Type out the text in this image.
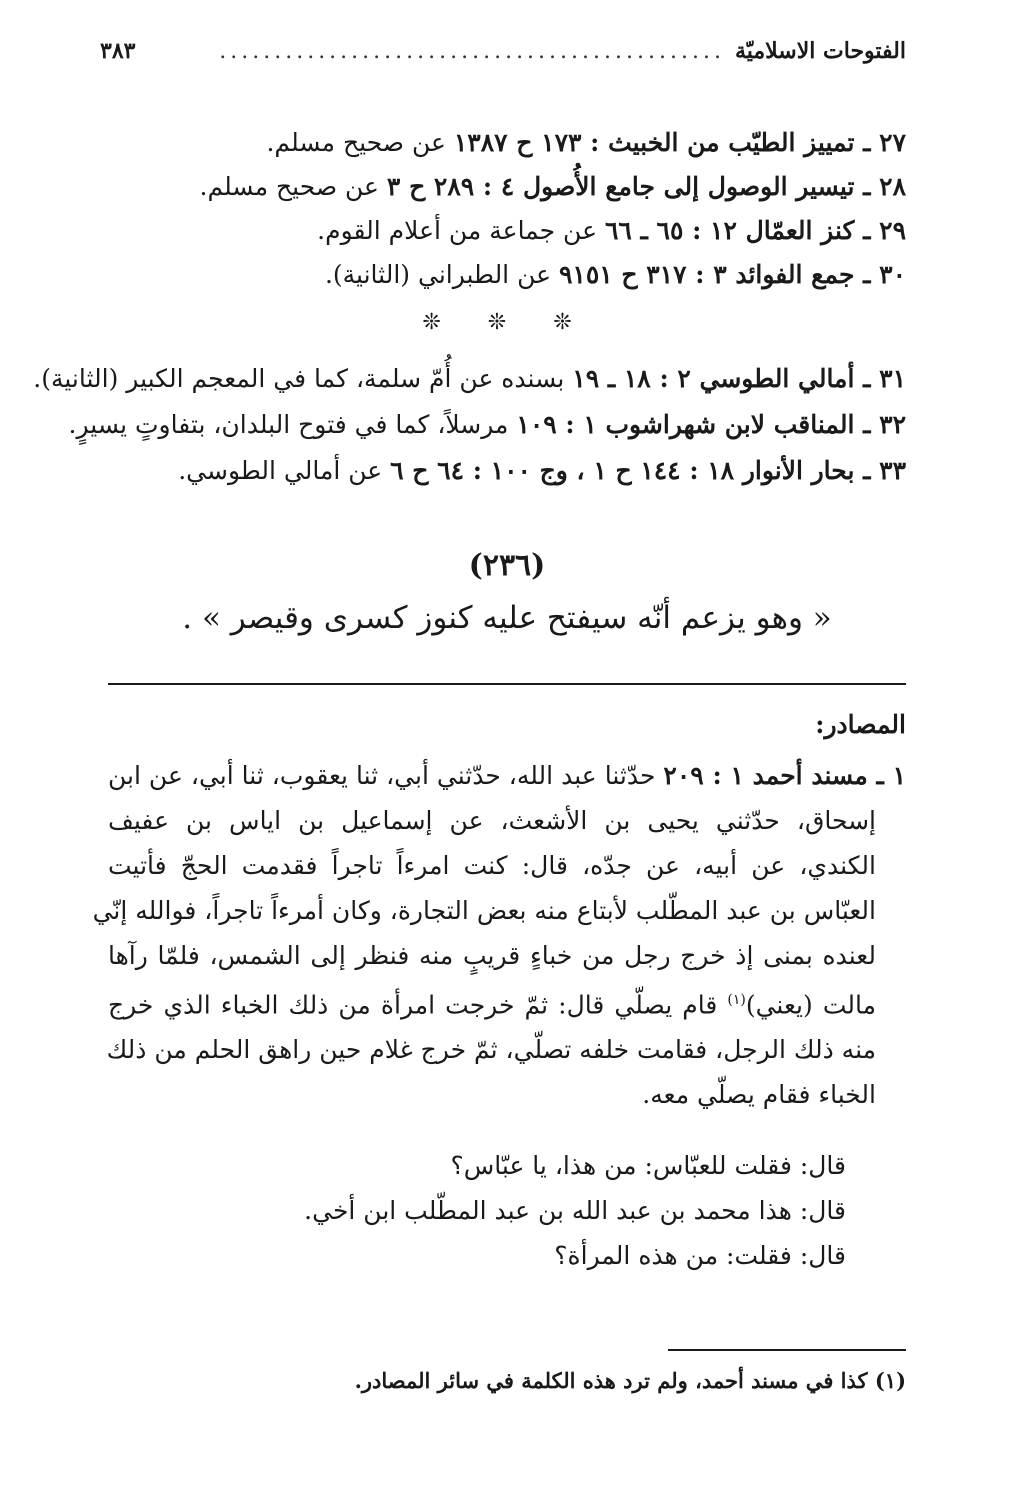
الفتوحات الاسلاميّة
..............................................
٣٨٣
٢٧ ـ تمييز الطيّب من الخبيث : ١٧٣ ح ١٣٨٧ عن صحيح مسلم.
٢٨ ـ تيسير الوصول إلى جامع الأُصول ٤ : ٢٨٩ ح ٣ عن صحيح مسلم.
٢٩ ـ كنز العمّال ١٢ : ٦٥ ـ ٦٦ عن جماعة من أعلام القوم.
٣٠ ـ جمع الفوائد ٣ : ٣١٧ ح ٩١٥١ عن الطبراني (الثانية).
❊ ❊ ❊
٣١ ـ أمالي الطوسي ٢ : ١٨ ـ ١٩ بسنده عن أُمّ سلمة، كما في المعجم الكبير (الثانية).
٣٢ ـ المناقب لابن شهراشوب ١ : ١٠٩ مرسلاً، كما في فتوح البلدان، بتفاوتٍ يسيرٍ.
٣٣ ـ بحار الأنوار ١٨ : ١٤٤ ح ١ ، وج ١٠٠ : ٦٤ ح ٦ عن أمالي الطوسي.
(٢٣٦)
« وهو يزعم أنّه سيفتح عليه كنوز كسرى وقيصر » .
المصادر:
١ ـ مسند أحمد ١ : ٢٠٩ حدّثنا عبد الله، حدّثني أبي، ثنا يعقوب، ثنا أبي، عن ابن
إسحاق، حدّثني يحيى بن الأشعث، عن إسماعيل بن اياس بن عفيف
الكندي، عن أبيه، عن جدّه، قال: كنت امرءاً تاجراً فقدمت الحجّ فأتيت
العبّاس بن عبد المطّلب لأبتاع منه بعض التجارة، وكان أمرءاً تاجراً، فوالله إنّي
لعنده بمنى إذ خرج رجل من خباءٍ قريبٍ منه فنظر إلى الشمس، فلمّا رآها
مالت (يعني)$^{(١)}$ قام يصلّي قال: ثمّ خرجت امرأة من ذلك الخباء الذي خرج
منه ذلك الرجل، فقامت خلفه تصلّي، ثمّ خرج غلام حين راهق الحلم من ذلك
الخباء فقام يصلّي معه.
قال: فقلت للعبّاس: من هذا، يا عبّاس؟
قال: هذا محمد بن عبد الله بن عبد المطّلب ابن أخي.
قال: فقلت: من هذه المرأة؟
(١) كذا في مسند أحمد، ولم ترد هذه الكلمة في سائر المصادر.
